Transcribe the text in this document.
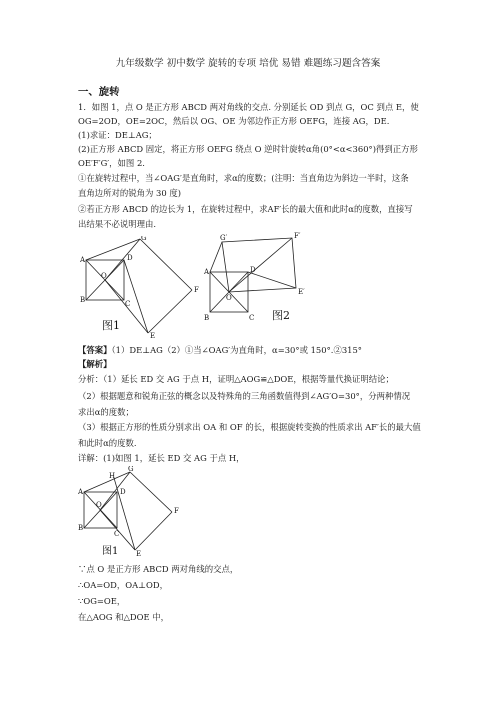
九年级数学 初中数学 旋转的专项 培优 易错 难题练习题含答案
一、旋转
1．如图 1，点 O 是正方形 ABCD 两对角线的交点. 分别延长 OD 到点 G，OC 到点 E，使
OG=2OD，OE=2OC，然后以 OG、OE 为邻边作正方形 OEFG，连接 AG，DE.
(1)求证：DE⊥AG；
(2)正方形 ABCD 固定，将正方形 OEFG 绕点 O 逆时针旋转α角(0°<α<360°)得到正方形
OE′F′G′，如图 2.
①在旋转过程中，当∠OAG′是直角时，求α的度数；(注明：当直角边为斜边一半时，这条
直角边所对的锐角为 30 度)
②若正方形 ABCD 的边长为 1，在旋转过程中，求AF′长的最大值和此时α的度数，直接写
出结果不必说明理由.
A
G
D
O
F
B	C
E
图1
G′	F′
A	D
O
E′
B	C 图2
【答案】（1）DE⊥AG（2）①当∠OAG′为直角时，α=30°或 150°.②315°
【解析】
分析：（1）延长 ED 交 AG 于点 H，证明△AOG≌△DOE，根据等量代换证明结论；
（2）根据题意和锐角正弦的概念以及特殊角的三角函数值得到∠AG′O=30°，分两种情况
求出α的度数；
（3）根据正方形的性质分别求出 OA 和 OF 的长，根据旋转变换的性质求出 AF′长的最大值
和此时α的度数.
详解：(1)如图 1，延长 ED 交 AG 于点 H，
H
G
A	D
O
F
B
C
E
图1
∵点 O 是正方形 ABCD 两对角线的交点，
∴OA=OD，OA⊥OD，
∵OG=OE，
在△AOG 和△DOE 中，
